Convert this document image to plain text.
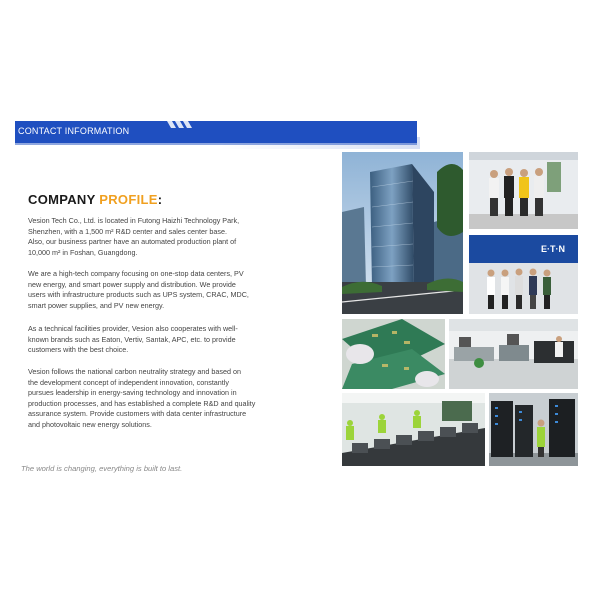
CONTACT INFORMATION
COMPANY PROFILE:

Vesion Tech Co., Ltd. is located in Futong Haizhi Technology Park,
Shenzhen, with a 1,500 m² R&D center and sales center base.
Also, our business partner have an automated production plant of
10,000 m² in Foshan, Guangdong.

We are a high-tech company focusing on one-stop data centers, PV
new energy, and smart power supply and distribution. We provide
users with infrastructure products such as UPS system, CRAC, MDC,
smart power supplies, and PV new energy.

As a technical facilities provider, Vesion also cooperates with well-
known brands such as Eaton, Vertiv, Santak, APC, etc. to provide
customers with the best choice.

Vesion follows the national carbon neutrality strategy and based on
the development concept of independent innovation, constantly
pursues leadership in energy-saving technology and innovation in
production processes, and has established a complete R&D and quality
assurance system. Provide customers with data center infrastructure
and photovoltaic new energy solutions.

The world is changing, everything is built to last.
E·T·N
